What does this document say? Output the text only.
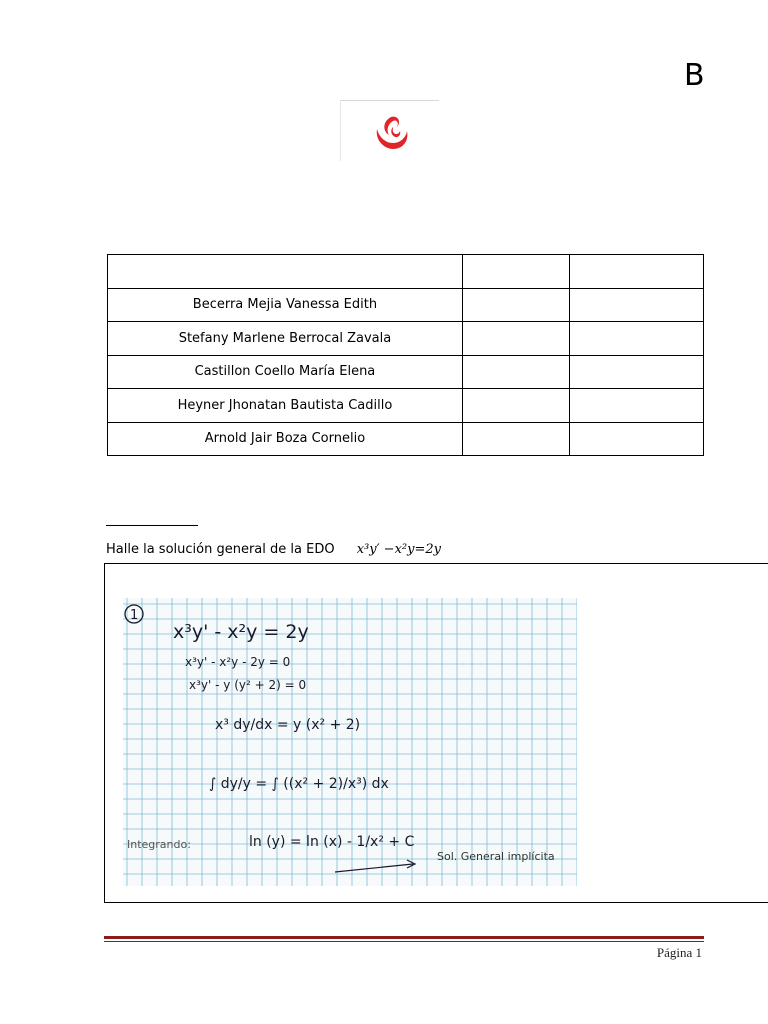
B

Becerra Mejia Vanessa Edith		
Stefany Marlene Berrocal Zavala		
Castillon Coello María Elena		
Heyner Jhonatan Bautista Cadillo		
Arnold Jair Boza Cornelio		
Halle la solución general de la EDO x³y′ −x²y=2y
1
x³y' - x²y = 2y
x³y' - x²y - 2y = 0
x³y' - y (y² + 2) = 0
x³ dy/dx = y (x² + 2)
∫ dy/y = ∫ ((x² + 2)/x³) dx
Integrando:	ln (y) = ln (x) - 1/x² + C
Sol. General implícita
Página 1
